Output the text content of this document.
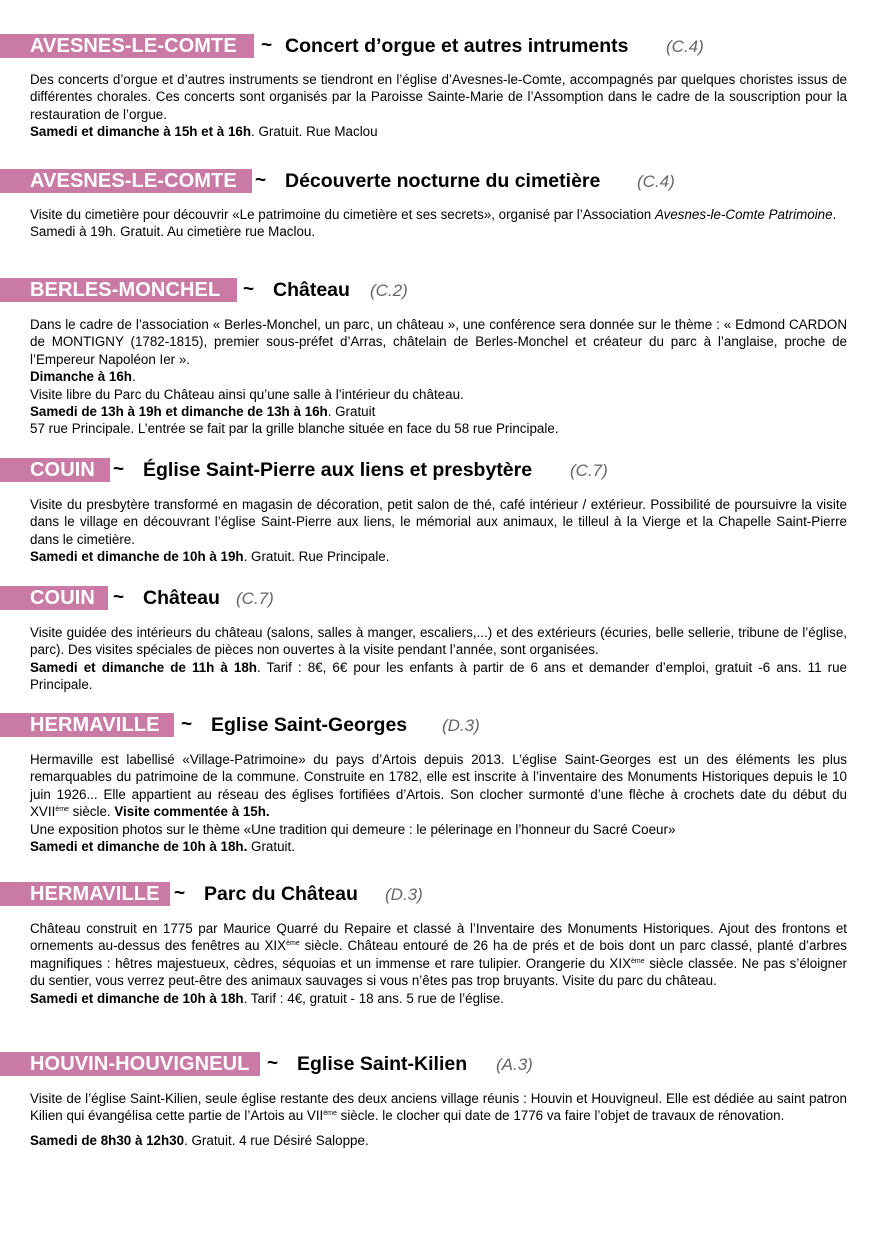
AVESNES-LE-COMTE	~ Concert d’orgue et autres intruments (C.4)

Des concerts d’orgue et d’autres instruments se tiendront en l’église d’Avesnes-le-Comte, accompagnés par quelques choristes issus de différentes chorales. Ces concerts sont organisés par la Paroisse Sainte-Marie de l’Assomption dans le cadre de la souscription pour la restauration de l’orgue.

Samedi et dimanche à 15h et à 16h. Gratuit. Rue Maclou

AVESNES-LE-COMTE ~ Découverte nocturne du cimetière (C.4)

Visite du cimetière pour découvrir «Le patrimoine du cimetière et ses secrets», organisé par l’Association Avesnes-le-Comte Patrimoine.

Samedi à 19h. Gratuit. Au cimetière rue Maclou.

BERLES-MONCHEL	~ Château (C.2)

Dans le cadre de l’association « Berles-Monchel, un parc, un château », une conférence sera donnée sur le thème : « Edmond CARDON de MONTIGNY (1782-1815), premier sous-préfet d’Arras, châtelain de Berles-Monchel et créateur du parc à l’anglaise, proche de l’Empereur Napoléon Ier ».

Dimanche à 16h.

Visite libre du Parc du Château ainsi qu’une salle à l’intérieur du château.

Samedi de 13h à 19h et dimanche de 13h à 16h. Gratuit

57 rue Principale. L’entrée se fait par la grille blanche située en face du 58 rue Principale.

COUIN ~ Église Saint-Pierre aux liens et presbytère (C.7)

Visite du presbytère transformé en magasin de décoration, petit salon de thé, café intérieur / extérieur. Possibilité de poursuivre la visite dans le village en découvrant l’église Saint-Pierre aux liens, le mémorial aux animaux, le tilleul à la Vierge et la Chapelle Saint-Pierre dans le cimetière.

Samedi et dimanche de 10h à 19h. Gratuit. Rue Principale.

COUIN ~ Château (C.7)

Visite guidée des intérieurs du château (salons, salles à manger, escaliers,...) et des extérieurs (écuries, belle sellerie, tribune de l’église, parc). Des visites spéciales de pièces non ouvertes à la visite pendant l’année, sont organisées.

Samedi et dimanche de 11h à 18h. Tarif : 8€, 6€ pour les enfants à partir de 6 ans et demander d’emploi, gratuit -6 ans. 11 rue Principale.

HERMAVILLE	~ Eglise Saint-Georges (D.3)

Hermaville est labellisé «Village-Patrimoine» du pays d’Artois depuis 2013. L’église Saint-Georges est un des éléments les plus remarquables du patrimoine de la commune. Construite en 1782, elle est inscrite à l’inventaire des Monuments Historiques depuis le 10 juin 1926... Elle appartient au réseau des églises fortifiées d’Artois. Son clocher surmonté d’une flèche à crochets date du début du XVIIème siècle. Visite commentée à 15h.

Une exposition photos sur le thème «Une tradition qui demeure : le pélerinage en l’honneur du Sacré Coeur»

Samedi et dimanche de 10h à 18h. Gratuit.

HERMAVILLE ~ Parc du Château (D.3)

Château construit en 1775 par Maurice Quarré du Repaire et classé à l’Inventaire des Monuments Historiques. Ajout des frontons et ornements au-dessus des fenêtres au XIXème siècle. Château entouré de 26 ha de prés et de bois dont un parc classé, planté d’arbres magnifiques : hêtres majestueux, cèdres, séquoias et un immense et rare tulipier. Orangerie du XIXème siècle classée. Ne pas s’éloigner du sentier, vous verrez peut-être des animaux sauvages si vous n’êtes pas trop bruyants. Visite du parc du château.

Samedi et dimanche de 10h à 18h. Tarif : 4€, gratuit - 18 ans. 5 rue de l’église.

HOUVIN-HOUVIGNEUL ~ Eglise Saint-Kilien (A.3)

Visite de l’église Saint-Kilien, seule église restante des deux anciens village réunis : Houvin et Houvigneul. Elle est dédiée au saint patron Kilien qui évangélisa cette partie de l’Artois au VIIème siècle. le clocher qui date de 1776 va faire l’objet de travaux de rénovation.

Samedi de 8h30 à 12h30. Gratuit. 4 rue Désiré Saloppe.
